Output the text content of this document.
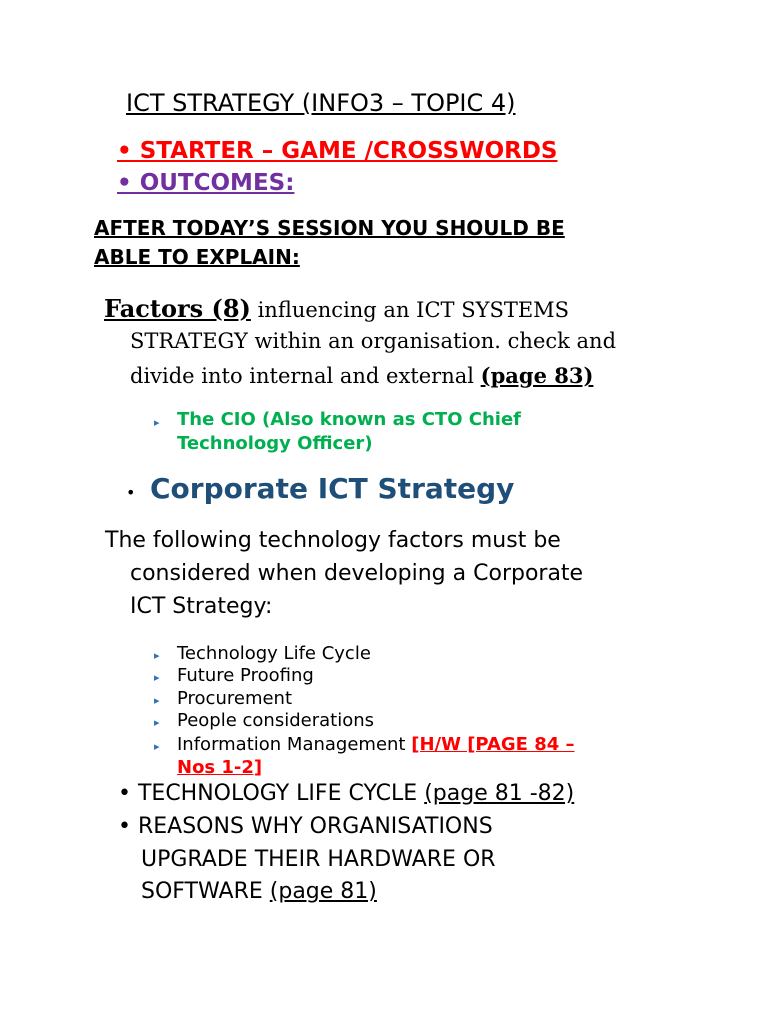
ICT STRATEGY (INFO3 – TOPIC 4)
• STARTER – GAME /CROSSWORDS
• OUTCOMES:
AFTER TODAY’S SESSION YOU SHOULD BE
ABLE TO EXPLAIN:
Factors (8) influencing an ICT SYSTEMS
STRATEGY within an organisation. check and
divide into internal and external (page 83)
▸ The CIO (Also known as CTO Chief
Technology Officer)
• Corporate ICT Strategy
The following technology factors must be
considered when developing a Corporate
ICT Strategy:
▸ Technology Life Cycle
▸ Future Proofing
▸ Procurement
▸ People considerations
▸ Information Management [H/W [PAGE 84 –
Nos 1-2]
• TECHNOLOGY LIFE CYCLE (page 81 -82)
• REASONS WHY ORGANISATIONS
UPGRADE THEIR HARDWARE OR
SOFTWARE (page 81)
